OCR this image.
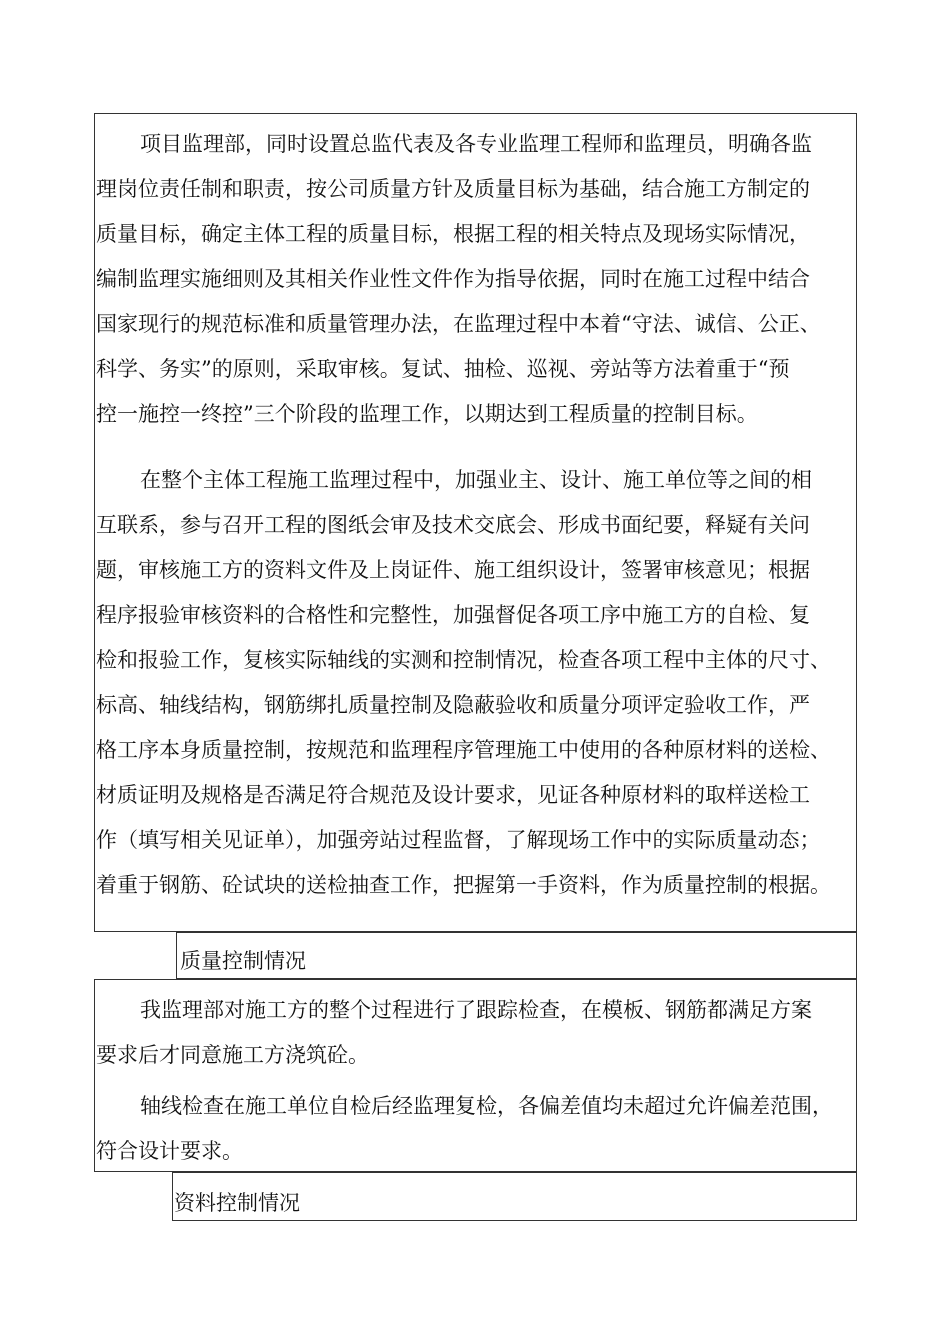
项目监理部，同时设置总监代表及各专业监理工程师和监理员，明确各监
理岗位责任制和职责，按公司质量方针及质量目标为基础，结合施工方制定的
质量目标，确定主体工程的质量目标，根据工程的相关特点及现场实际情况，
编制监理实施细则及其相关作业性文件作为指导依据，同时在施工过程中结合
国家现行的规范标准和质量管理办法，在监理过程中本着“守法、诚信、公正、
科学、务实”的原则，采取审核。复试、抽检、巡视、旁站等方法着重于“预
控一施控一终控”三个阶段的监理工作，以期达到工程质量的控制目标。
在整个主体工程施工监理过程中，加强业主、设计、施工单位等之间的相
互联系，参与召开工程的图纸会审及技术交底会、形成书面纪要，释疑有关问
题，审核施工方的资料文件及上岗证件、施工组织设计，签署审核意见；根据
程序报验审核资料的合格性和完整性，加强督促各项工序中施工方的自检、复
检和报验工作，复核实际轴线的实测和控制情况，检查各项工程中主体的尺寸、
标高、轴线结构，钢筋绑扎质量控制及隐蔽验收和质量分项评定验收工作，严
格工序本身质量控制，按规范和监理程序管理施工中使用的各种原材料的送检、
材质证明及规格是否满足符合规范及设计要求，见证各种原材料的取样送检工
作（填写相关见证单），加强旁站过程监督，了解现场工作中的实际质量动态；
着重于钢筋、砼试块的送检抽查工作，把握第一手资料，作为质量控制的根据。
质量控制情况
我监理部对施工方的整个过程进行了跟踪检查，在模板、钢筋都满足方案
要求后才同意施工方浇筑砼。
轴线检查在施工单位自检后经监理复检，各偏差值均未超过允许偏差范围，
符合设计要求。
资料控制情况
